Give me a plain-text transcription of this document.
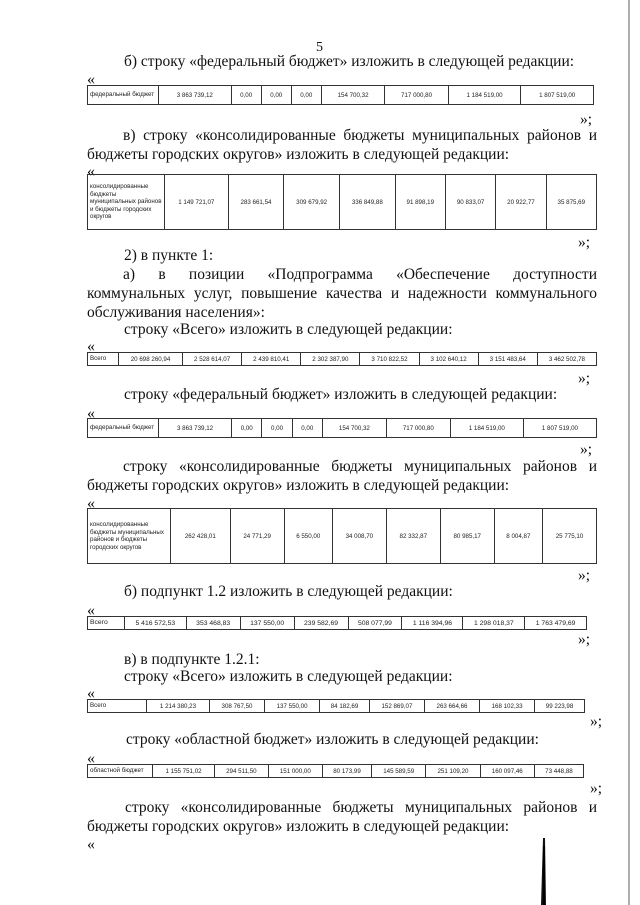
5
б) строку «федеральный бюджет» изложить в следующей редакции:
«
федеральный бюджет	3 863 739,12	0,00	0,00	0,00	154 700,32	717 000,80	1 184 519,00	1 807 519,00
»;
в) строку «консолидированные бюджеты муниципальных районов и бюджеты городских округов» изложить в следующей редакции:
«
консолидированные бюджеты муниципальных районов и бюджеты городских округов	1 149 721,07	283 661,54	309 679,92	336 849,88	91 898,19	90 833,07	20 922,77	35 875,69
»;
2) в пункте 1:
а) в позиции «Подпрограмма «Обеспечение доступности коммунальных услуг, повышение качества и надежности коммунального обслуживания населения»:
строку «Всего» изложить в следующей редакции:
«
Всего	20 698 260,94	2 528 614,07	2 439 810,41	2 302 387,90	3 710 822,52	3 102 640,12	3 151 483,64	3 462 502,78
»;
строку «федеральный бюджет» изложить в следующей редакции:
«
федеральный бюджет	3 863 739,12	0,00	0,00	0,00	154 700,32	717 000,80	1 184 519,00	1 807 519,00
»;
строку «консолидированные бюджеты муниципальных районов и бюджеты городских округов» изложить в следующей редакции:
«
консолидированные бюджеты муниципальных районов и бюджеты городских округов	262 428,01	24 771,29	6 550,00	34 008,70	82 332,87	80 985,17	8 004,87	25 775,10
»;
б) подпункт 1.2 изложить в следующей редакции:
«
Всего	5 416 572,53	353 468,83	137 550,00	239 582,69	508 077,99	1 116 394,96	1 298 018,37	1 763 479,69
»;
в) в подпункте 1.2.1:
строку «Всего» изложить в следующей редакции:
«
Всего	1 214 380,23	308 767,50	137 550,00	84 182,69	152 869,07	263 664,66	168 102,33	99 223,98
»;
строку «областной бюджет» изложить в следующей редакции:
«
областной бюджет	1 155 751,02	294 511,50	151 000,00	80 173,99	145 589,59	251 109,20	160 097,46	73 448,88
»;
строку «консолидированные бюджеты муниципальных районов и бюджеты городских округов» изложить в следующей редакции:
«
